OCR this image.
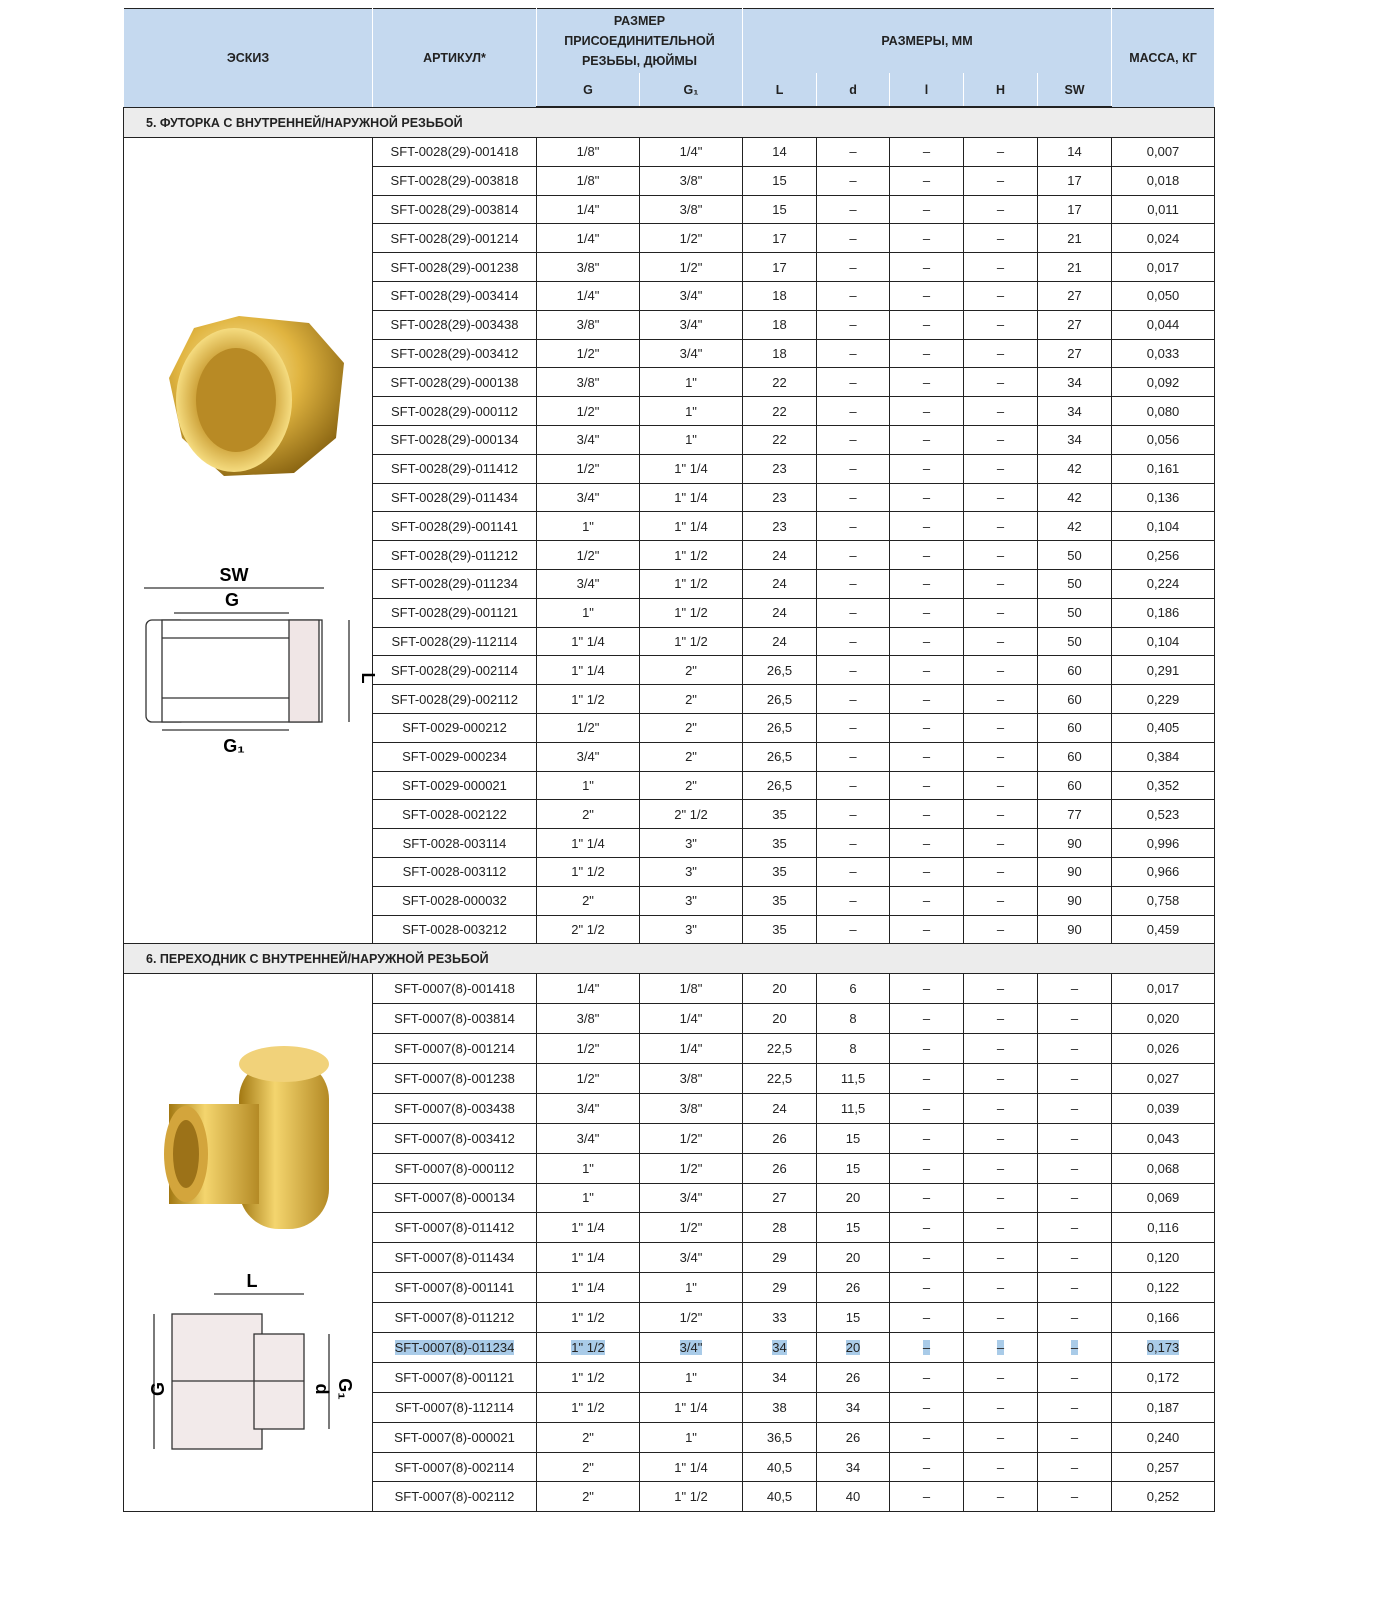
ЭСКИЗ	АРТИКУЛ*	РАЗМЕР ПРИСОЕДИНИТЕЛЬНОЙ РЕЗЬБЫ, ДЮЙМЫ		РАЗМЕРЫ, ММ					МАССА, КГ
		G	G₁	L	d	l	H	SW	
5. ФУТОРКА С ВНУТРЕННЕЙ/НАРУЖНОЙ РЕЗЬБОЙ									

SW
G
L
G₁	SFT-0028(29)-001418	1/8"	1/4"	14	–	–	–	14	0,007
	SFT-0028(29)-003818	1/8"	3/8"	15	–	–	–	17	0,018
	SFT-0028(29)-003814	1/4"	3/8"	15	–	–	–	17	0,011
	SFT-0028(29)-001214	1/4"	1/2"	17	–	–	–	21	0,024
	SFT-0028(29)-001238	3/8"	1/2"	17	–	–	–	21	0,017
	SFT-0028(29)-003414	1/4"	3/4"	18	–	–	–	27	0,050
	SFT-0028(29)-003438	3/8"	3/4"	18	–	–	–	27	0,044
	SFT-0028(29)-003412	1/2"	3/4"	18	–	–	–	27	0,033
	SFT-0028(29)-000138	3/8"	1"	22	–	–	–	34	0,092
	SFT-0028(29)-000112	1/2"	1"	22	–	–	–	34	0,080
	SFT-0028(29)-000134	3/4"	1"	22	–	–	–	34	0,056
	SFT-0028(29)-011412	1/2"	1" 1/4	23	–	–	–	42	0,161
	SFT-0028(29)-011434	3/4"	1" 1/4	23	–	–	–	42	0,136
	SFT-0028(29)-001141	1"	1" 1/4	23	–	–	–	42	0,104
	SFT-0028(29)-011212	1/2"	1" 1/2	24	–	–	–	50	0,256
	SFT-0028(29)-011234	3/4"	1" 1/2	24	–	–	–	50	0,224
	SFT-0028(29)-001121	1"	1" 1/2	24	–	–	–	50	0,186
	SFT-0028(29)-112114	1" 1/4	1" 1/2	24	–	–	–	50	0,104
	SFT-0028(29)-002114	1" 1/4	2"	26,5	–	–	–	60	0,291
	SFT-0028(29)-002112	1" 1/2	2"	26,5	–	–	–	60	0,229
	SFT-0029-000212	1/2"	2"	26,5	–	–	–	60	0,405
	SFT-0029-000234	3/4"	2"	26,5	–	–	–	60	0,384
	SFT-0029-000021	1"	2"	26,5	–	–	–	60	0,352
	SFT-0028-002122	2"	2" 1/2	35	–	–	–	77	0,523
	SFT-0028-003114	1" 1/4	3"	35	–	–	–	90	0,996
	SFT-0028-003112	1" 1/2	3"	35	–	–	–	90	0,966
	SFT-0028-000032	2"	3"	35	–	–	–	90	0,758
	SFT-0028-003212	2" 1/2	3"	35	–	–	–	90	0,459
6. ПЕРЕХОДНИК С ВНУТРЕННЕЙ/НАРУЖНОЙ РЕЗЬБОЙ									

L
G d G₁	SFT-0007(8)-001418	1/4"	1/8"	20	6	–	–	–	0,017
	SFT-0007(8)-003814	3/8"	1/4"	20	8	–	–	–	0,020
	SFT-0007(8)-001214	1/2"	1/4"	22,5	8	–	–	–	0,026
	SFT-0007(8)-001238	1/2"	3/8"	22,5	11,5	–	–	–	0,027
	SFT-0007(8)-003438	3/4"	3/8"	24	11,5	–	–	–	0,039
	SFT-0007(8)-003412	3/4"	1/2"	26	15	–	–	–	0,043
	SFT-0007(8)-000112	1"	1/2"	26	15	–	–	–	0,068
	SFT-0007(8)-000134	1"	3/4"	27	20	–	–	–	0,069
	SFT-0007(8)-011412	1" 1/4	1/2"	28	15	–	–	–	0,116
	SFT-0007(8)-011434	1" 1/4	3/4"	29	20	–	–	–	0,120
	SFT-0007(8)-001141	1" 1/4	1"	29	26	–	–	–	0,122
	SFT-0007(8)-011212	1" 1/2	1/2"	33	15	–	–	–	0,166
	SFT-0007(8)-011234	1" 1/2	3/4"	34	20	–	–	–	0,173
	SFT-0007(8)-001121	1" 1/2	1"	34	26	–	–	–	0,172
	SFT-0007(8)-112114	1" 1/2	1" 1/4	38	34	–	–	–	0,187
	SFT-0007(8)-000021	2"	1"	36,5	26	–	–	–	0,240
	SFT-0007(8)-002114	2"	1" 1/4	40,5	34	–	–	–	0,257
	SFT-0007(8)-002112	2"	1" 1/2	40,5	40	–	–	–	0,252
